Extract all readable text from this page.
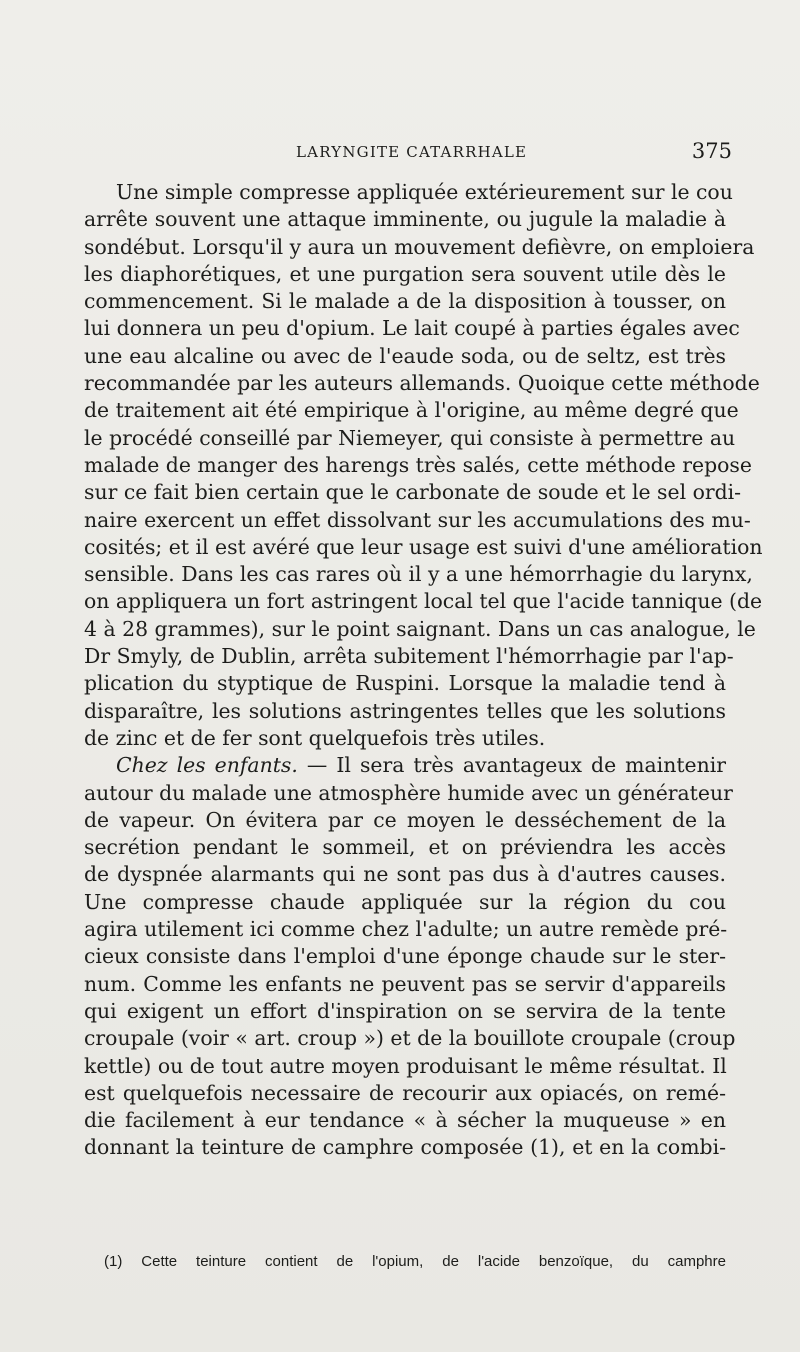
LARYNGITE CATARRHALE	375
Une simple compresse appliquée extérieurement sur le cou
arrête souvent une attaque imminente, ou jugule la maladie à
sondébut. Lorsqu'il y aura un mouvement defièvre, on emploiera
les diaphorétiques, et une purgation sera souvent utile dès le
commencement. Si le malade a de la disposition à tousser, on
lui donnera un peu d'opium. Le lait coupé à parties égales avec
une eau alcaline ou avec de l'eaude soda, ou de seltz, est très
recommandée par les auteurs allemands. Quoique cette méthode
de traitement ait été empirique à l'origine, au même degré que
le procédé conseillé par Niemeyer, qui consiste à permettre au
malade de manger des harengs très salés, cette méthode repose
sur ce fait bien certain que le carbonate de soude et le sel ordi-
naire exercent un effet dissolvant sur les accumulations des mu-
cosités; et il est avéré que leur usage est suivi d'une amélioration
sensible. Dans les cas rares où il y a une hémorrhagie du larynx,
on appliquera un fort astringent local tel que l'acide tannique (de
4 à 28 grammes), sur le point saignant. Dans un cas analogue, le
Dr Smyly, de Dublin, arrêta subitement l'hémorrhagie par l'ap-
plication du styptique de Ruspini. Lorsque la maladie tend à
disparaître, les solutions astringentes telles que les solutions
de zinc et de fer sont quelquefois très utiles.
Chez les enfants. — Il sera très avantageux de maintenir
autour du malade une atmosphère humide avec un générateur
de vapeur. On évitera par ce moyen le desséchement de la
secrétion pendant le sommeil, et on préviendra les accès
de dyspnée alarmants qui ne sont pas dus à d'autres causes.
Une compresse chaude appliquée sur la région du cou
agira utilement ici comme chez l'adulte; un autre remède pré-
cieux consiste dans l'emploi d'une éponge chaude sur le ster-
num. Comme les enfants ne peuvent pas se servir d'appareils
qui exigent un effort d'inspiration on se servira de la tente
croupale (voir « art. croup ») et de la bouillote croupale (croup
kettle) ou de tout autre moyen produisant le même résultat. Il
est quelquefois necessaire de recourir aux opiacés, on remé-
die facilement à eur tendance « à sécher la muqueuse » en
donnant la teinture de camphre composée (1), et en la combi-
(1) Cette teinture contient de l'opium, de l'acide benzoïque, du camphre
